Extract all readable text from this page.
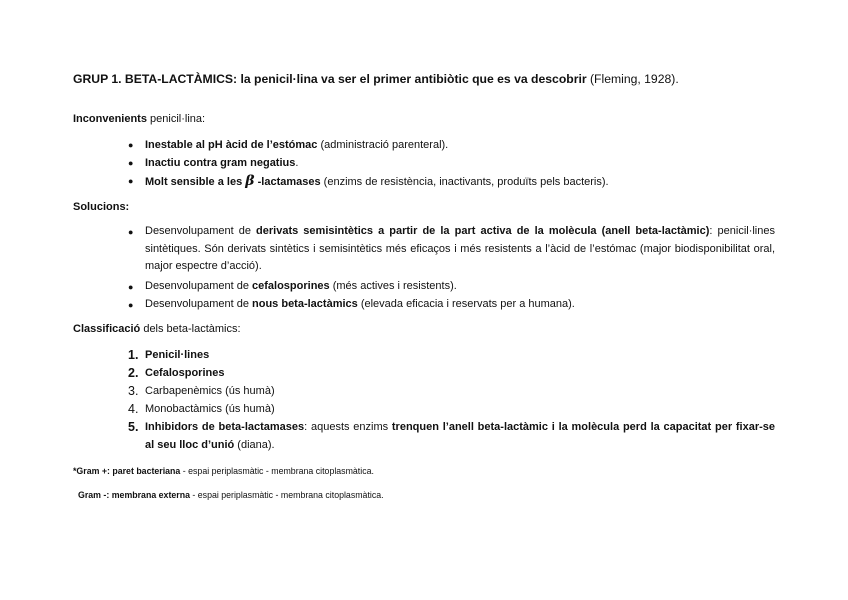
GRUP 1. BETA-LACTÀMICS: la penicil·lina va ser el primer antibiòtic que es va descobrir (Fleming, 1928).
Inconvenients penicil·lina:
●	Inestable al pH àcid de l’estómac (administració parenteral).
●	Inactiu contra gram negatius.
●	Molt sensible a les β -lactamases (enzims de resistència, inactivants, produïts pels bacteris).
Solucions:
● Desenvolupament de derivats semisintètics a partir de la part activa de la molècula (anell beta-lactàmic): penicil·lines sintètiques. Són derivats sintètics i semisintètics més eficaços i més resistents a l’àcid de l’estómac (major biodisponibilitat oral, major espectre d’acció).
● Desenvolupament de cefalosporines (més actives i resistents).
● Desenvolupament de nous beta-lactàmics (elevada eficacia i reservats per a humana).
Classificació dels beta-lactàmics:
1. Penicil·lines
2. Cefalosporines
3. Carbapenèmics (ús humà)
4. Monobactàmics (ús humà)
5. Inhibidors de beta-lactamases: aquests enzims trenquen l’anell beta-lactàmic i la molècula perd la capacitat per fixar-se al seu lloc d’unió (diana).
*Gram +: paret bacteriana - espai periplasmàtic - membrana citoplasmàtica.
Gram -: membrana externa - espai periplasmàtic - membrana citoplasmàtica.
